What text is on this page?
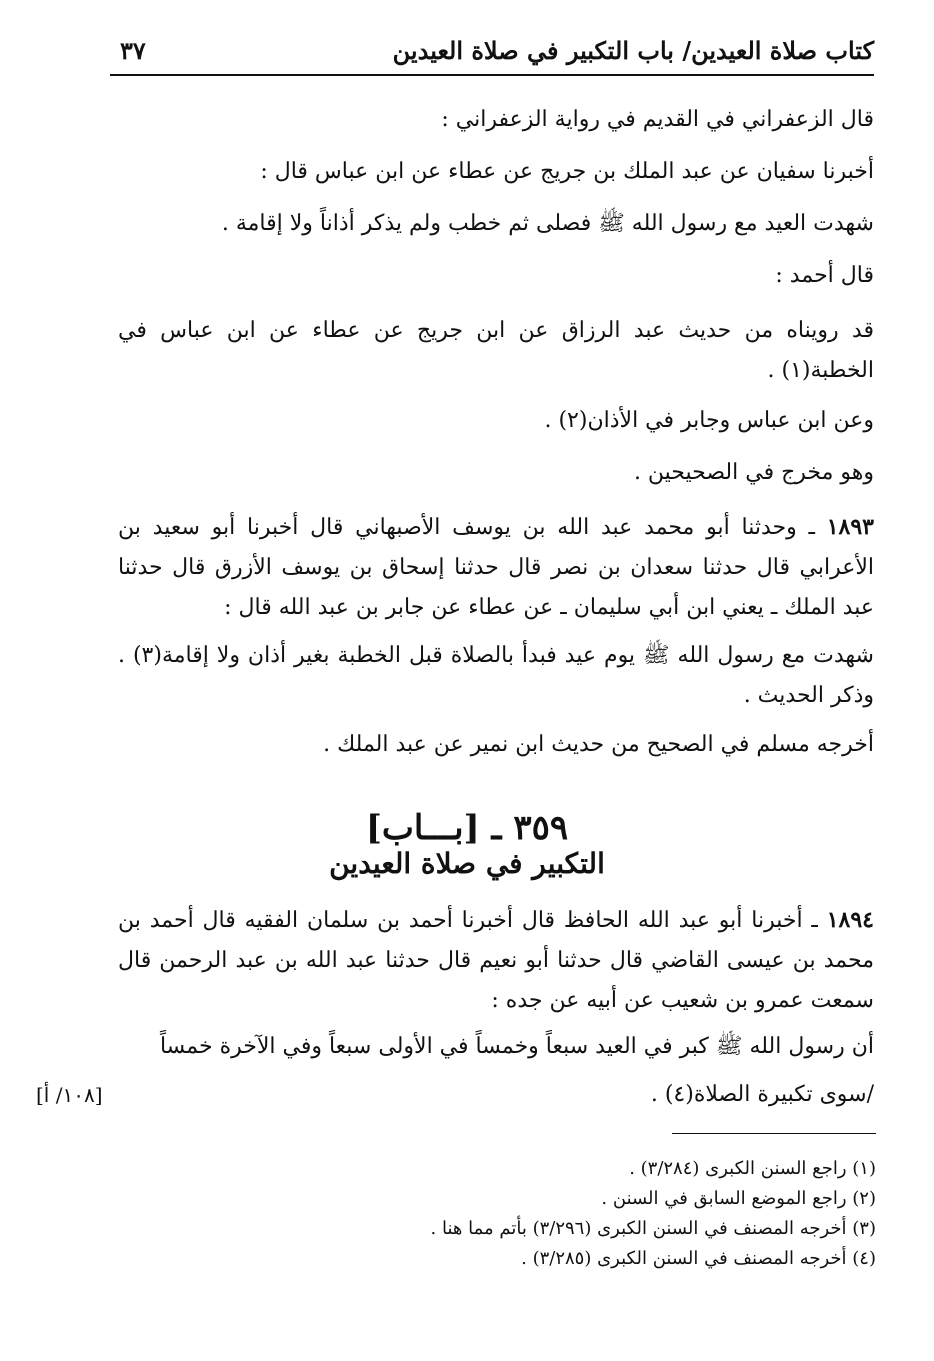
كتاب صلاة العيدين/ باب التكبير في صلاة العيدين
٣٧
قال الزعفراني في القديم في رواية الزعفراني :
أخبرنا سفيان عن عبد الملك بن جريج عن عطاء عن ابن عباس قال :
شهدت العيد مع رسول الله ﷺ فصلى ثم خطب ولم يذكر أذاناً ولا إقامة .
قال أحمد :
قد رويناه من حديث عبد الرزاق عن ابن جريج عن عطاء عن ابن عباس في الخطبة(١) .
وعن ابن عباس وجابر في الأذان(٢) .
وهو مخرج في الصحيحين .
١٨٩٣ ـ وحدثنا أبو محمد عبد الله بن يوسف الأصبهاني قال أخبرنا أبو سعيد بن الأعرابي قال حدثنا سعدان بن نصر قال حدثنا إسحاق بن يوسف الأزرق قال حدثنا عبد الملك ـ يعني ابن أبي سليمان ـ عن عطاء عن جابر بن عبد الله قال :
شهدت مع رسول الله ﷺ يوم عيد فبدأ بالصلاة قبل الخطبة بغير أذان ولا إقامة(٣) . وذكر الحديث .
أخرجه مسلم في الصحيح من حديث ابن نمير عن عبد الملك .
٣٥٩ ـ [بـــاب]
التكبير في صلاة العيدين
١٨٩٤ ـ أخبرنا أبو عبد الله الحافظ قال أخبرنا أحمد بن سلمان الفقيه قال أحمد بن محمد بن عيسى القاضي قال حدثنا أبو نعيم قال حدثنا عبد الله بن عبد الرحمن قال سمعت عمرو بن شعيب عن أبيه عن جده :
أن رسول الله ﷺ كبر في العيد سبعاً وخمساً في الأولى سبعاً وفي الآخرة خمساً
/سوى تكبيرة الصلاة(٤) .
[١٠٨/ أ]
(١) راجع السنن الكبرى (٣/٢٨٤) .
(٢) راجع الموضع السابق في السنن .
(٣) أخرجه المصنف في السنن الكبرى (٣/٢٩٦) بأتم مما هنا .
(٤) أخرجه المصنف في السنن الكبرى (٣/٢٨٥) .
